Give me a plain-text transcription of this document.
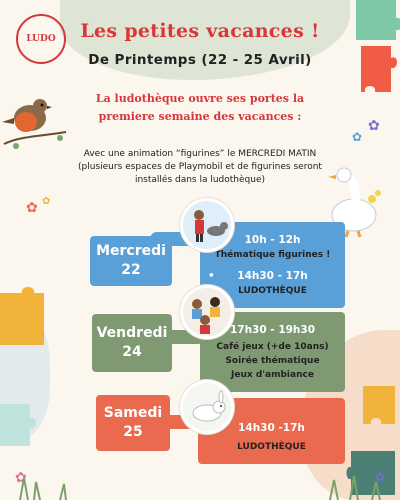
LUDO
✿
✿
✿ ✿
✿	✿
Les petites vacances !
De Printemps (22 - 25 Avril)
La ludothèque ouvre ses portes la
premiere semaine des vacances :
Avec une animation “figurines” le MERCREDI MATIN
(plusieurs espaces de Playmobil et de figurines seront
installés dans la ludothèque)
Mercredi
22
• 10h - 12h
Thématique figurines !
• 14h30 - 17h
LUDOTHÈQUE
Vendredi
24
• 17h30 - 19h30
Café jeux (+de 10ans)
Soirée thématique
Jeux d'ambiance
Samedi
25
•	14h30 -17h
LUDOTHÈQUE
